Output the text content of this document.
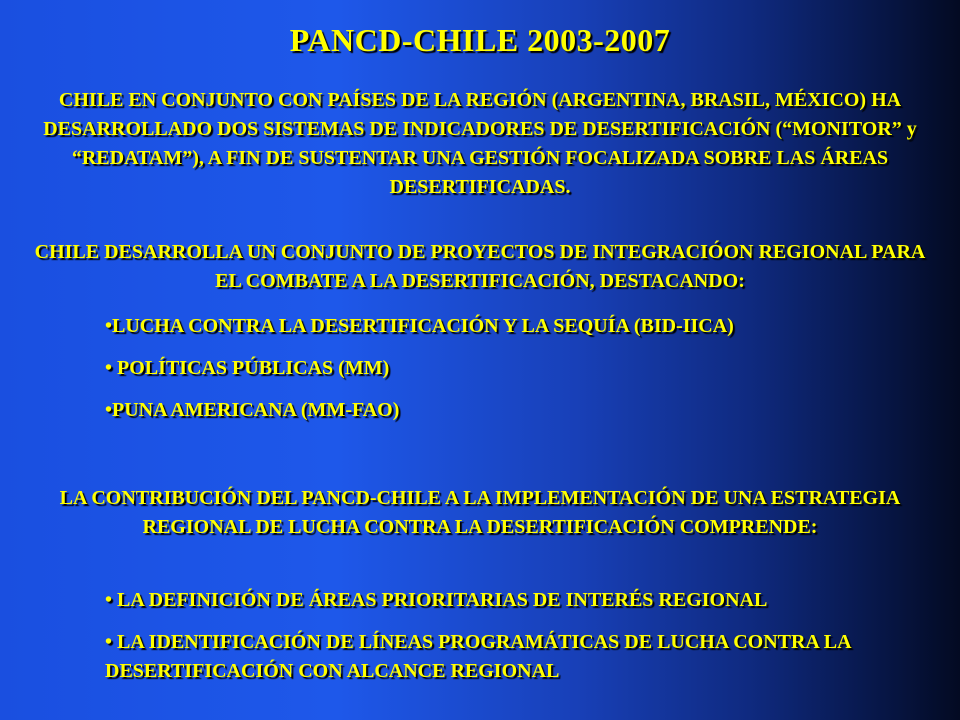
PANCD-CHILE 2003-2007

CHILE EN CONJUNTO CON PAÍSES DE LA REGIÓN (ARGENTINA, BRASIL, MÉXICO) HA DESARROLLADO DOS SISTEMAS DE INDICADORES DE DESERTIFICACIÓN (“MONITOR” y “REDATAM”), A FIN DE SUSTENTAR UNA GESTIÓN FOCALIZADA SOBRE LAS ÁREAS DESERTIFICADAS.

CHILE DESARROLLA UN CONJUNTO DE PROYECTOS DE INTEGRACIÓON REGIONAL PARA EL COMBATE A LA DESERTIFICACIÓN, DESTACANDO:

•LUCHA CONTRA LA DESERTIFICACIÓN Y LA SEQUÍA (BID-IICA)
• POLÍTICAS PÚBLICAS (MM)
•PUNA AMERICANA (MM-FAO)

LA CONTRIBUCIÓN DEL PANCD-CHILE A LA IMPLEMENTACIÓN DE UNA ESTRATEGIA REGIONAL DE LUCHA CONTRA LA DESERTIFICACIÓN COMPRENDE:

• LA DEFINICIÓN DE ÁREAS PRIORITARIAS DE INTERÉS REGIONAL
• LA IDENTIFICACIÓN DE LÍNEAS PROGRAMÁTICAS DE LUCHA CONTRA LA DESERTIFICACIÓN CON ALCANCE REGIONAL
